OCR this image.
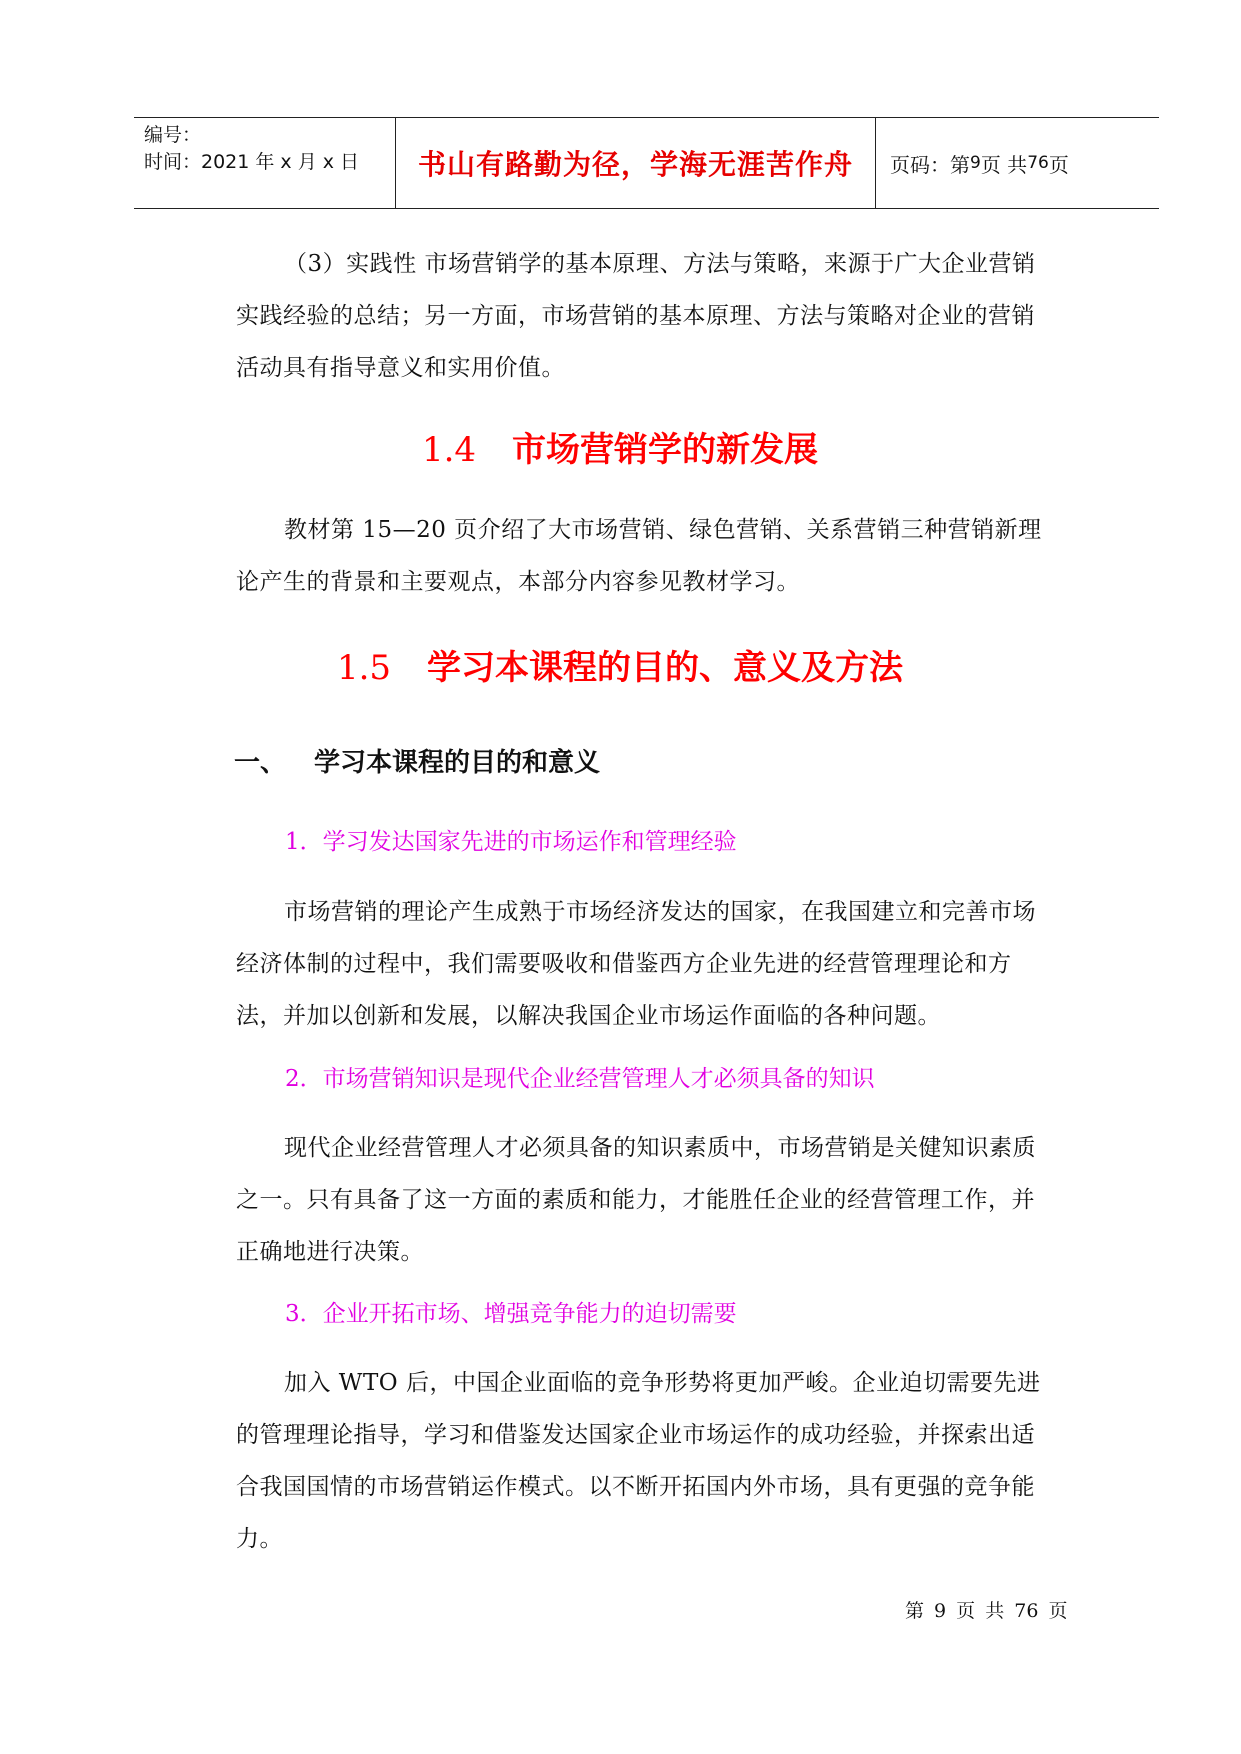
编号：
时间：2021 年 x 月 x 日	书山有路勤为径，学海无涯苦作舟 页码：第 9 页 共 76 页

（3）实践性 市场营销学的基本原理、方法与策略，来源于广大企业营销实践经验的总结；另一方面，市场营销的基本原理、方法与策略对企业的营销活动具有指导意义和实用价值。

1.4 市场营销学的新发展

教材第 15—20 页介绍了大市场营销、绿色营销、关系营销三种营销新理论产生的背景和主要观点，本部分内容参见教材学习。

1.5 学习本课程的目的、意义及方法
一、 学习本课程的目的和意义
1．学习发达国家先进的市场运作和管理经验

市场营销的理论产生成熟于市场经济发达的国家，在我国建立和完善市场经济体制的过程中，我们需要吸收和借鉴西方企业先进的经营管理理论和方法，并加以创新和发展，以解决我国企业市场运作面临的各种问题。

2．市场营销知识是现代企业经营管理人才必须具备的知识

现代企业经营管理人才必须具备的知识素质中，市场营销是关健知识素质之一。只有具备了这一方面的素质和能力，才能胜任企业的经营管理工作，并正确地进行决策。

3．企业开拓市场、增强竞争能力的迫切需要

加入 WTO 后，中国企业面临的竞争形势将更加严峻。企业迫切需要先进的管理理论指导，学习和借鉴发达国家企业市场运作的成功经验，并探索出适合我国国情的市场营销运作模式。以不断开拓国内外市场，具有更强的竞争能力。

第 9 页 共 76 页
